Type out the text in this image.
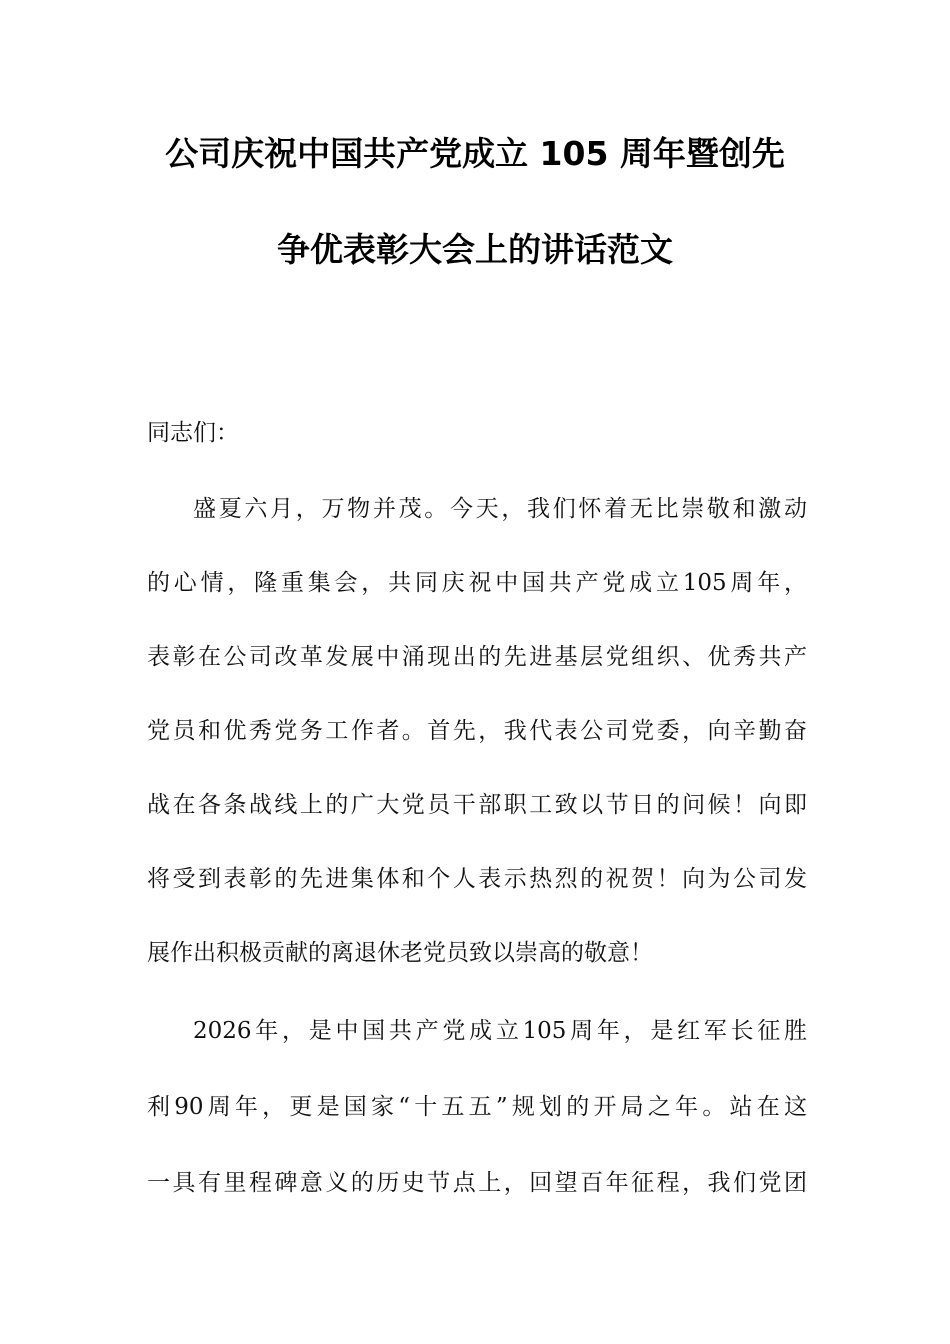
公司庆祝中国共产党成立 105 周年暨创先
争优表彰大会上的讲话范文
同志们：
盛夏六月，万物并茂。今天，我们怀着无比崇敬和激动
的心情，隆重集会，共同庆祝中国共产党成立105周年，
表彰在公司改革发展中涌现出的先进基层党组织、优秀共产
党员和优秀党务工作者。首先，我代表公司党委，向辛勤奋
战在各条战线上的广大党员干部职工致以节日的问候！向即
将受到表彰的先进集体和个人表示热烈的祝贺！向为公司发
展作出积极贡献的离退休老党员致以崇高的敬意！
2026年，是中国共产党成立105周年，是红军长征胜
利90周年，更是国家“十五五”规划的开局之年。站在这
一具有里程碑意义的历史节点上，回望百年征程，我们党团
